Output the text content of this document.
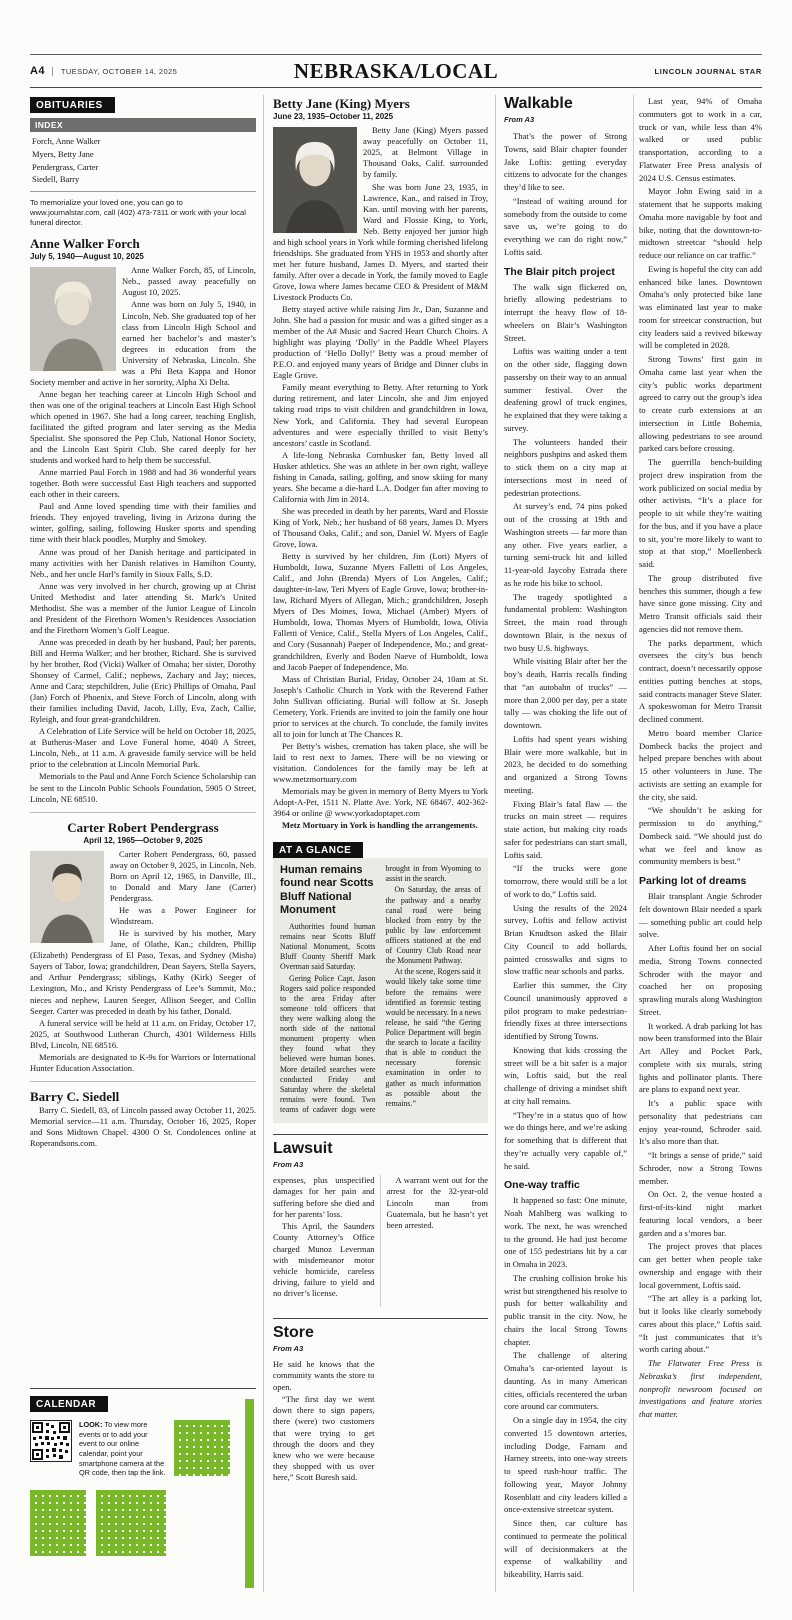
A4	TUESDAY, OCTOBER 14, 2025	NEBRASKA/LOCAL	LINCOLN JOURNAL STAR
OBITUARIES
INDEX
Forch, Anne Walker
Myers, Betty Jane
Pendergrass, Carter
Siedell, Barry

To memorialize your loved one, you can go to www.journalstar.com, call (402) 473-7311 or work with your local funeral director.

Anne Walker Forch
July 5, 1940—August 10, 2025

Anne Walker Forch, 85, of Lincoln, Neb., passed away peacefully on August 10, 2025.

Anne was born on July 5, 1940, in Lincoln, Neb. She graduated top of her class from Lincoln High School and earned her bachelor’s and master’s degrees in education from the University of Nebraska, Lincoln. She was a Phi Beta Kappa and Honor Society member and active in her sorority, Alpha Xi Delta.

Anne began her teaching career at Lincoln High School and then was one of the original teachers at Lincoln East High School which opened in 1967. She had a long career, teaching English, facilitated the gifted program and later serving as the Media Specialist. She sponsored the Pep Club, National Honor Society, and the Lincoln East Spirit Club. She cared deeply for her students and worked hard to help them be successful.

Anne married Paul Forch in 1988 and had 36 wonderful years together. Both were successful East High teachers and supported each other in their careers.

Paul and Anne loved spending time with their families and friends. They enjoyed traveling, living in Arizona during the winter, golfing, sailing, following Husker sports and spending time with their black poodles, Murphy and Smokey.

Anne was proud of her Danish heritage and participated in many activities with her Danish relatives in Hamilton County, Neb., and her uncle Harl’s family in Sioux Falls, S.D.

Anne was very involved in her church, growing up at Christ United Methodist and later attending St. Mark’s United Methodist. She was a member of the Junior League of Lincoln and President of the Firethorn Women’s Residences Association and the Firethorn Women’s Golf League.

Anne was preceded in death by her husband, Paul; her parents, Bill and Herma Walker; and her brother, Richard. She is survived by her brother, Rod (Vicki) Walker of Omaha; her sister, Dorothy Shonsey of Carmel, Calif.; nephews, Zachary and Jay; nieces, Anne and Cara; stepchildren, Julie (Eric) Phillips of Omaha, Paul (Jan) Forch of Phoenix, and Steve Forch of Lincoln, along with their families including David, Jacob, Lilly, Eva, Zach, Callie, Ryleigh, and four great-grandchildren.

A Celebration of Life Service will be held on October 18, 2025, at Butherus-Maser and Love Funeral home, 4040 A Street, Lincoln, Neb., at 11 a.m. A graveside family service will be held prior to the celebration at Lincoln Memorial Park.

Memorials to the Paul and Anne Forch Science Scholarship can be sent to the Lincoln Public Schools Foundation, 5905 O Street, Lincoln, NE 68510.

Carter Robert Pendergrass
April 12, 1965—October 9, 2025

Carter Robert Pendergrass, 60, passed away on October 9, 2025, in Lincoln, Neb. Born on April 12, 1965, in Danville, Ill., to Donald and Mary Jane (Carter) Pendergrass.

He was a Power Engineer for Windstream.

He is survived by his mother, Mary Jane, of Olathe, Kan.; children, Phillip (Elizabeth) Pendergrass of El Paso, Texas, and Sydney (Misha) Sayers of Tabor, Iowa; grandchildren, Dean Sayers, Stella Sayers, and Arthur Pendergrass; siblings, Kathy (Kirk) Seeger of Lexington, Mo., and Kristy Pendergrass of Lee’s Summit, Mo.; nieces and nephew, Lauren Seeger, Allison Seeger, and Collin Seeger. Carter was preceded in death by his father, Donald.

A funeral service will be held at 11 a.m. on Friday, October 17, 2025, at Southwood Lutheran Church, 4301 Wilderness Hills Blvd, Lincoln, NE 68516.

Memorials are designated to K-9s for Warriors or International Hunter Education Association.

Barry C. Siedell

Barry C. Siedell, 83, of Lincoln passed away October 11, 2025. Memorial service—11 a.m. Thursday, October 16, 2025, Roper and Sons Midtown Chapel. 4300 O St. Condolences online at Roperandsons.com.

CALENDAR

LOOK: To view more events or to add your event to our online calendar, point your smartphone camera at the QR code, then tap the link.

Betty Jane (King) Myers
June 23, 1935–October 11, 2025

Betty Jane (King) Myers passed away peacefully on October 11, 2025, at Belmont Village in Thousand Oaks, Calif. surrounded by family.

She was born June 23, 1935, in Lawrence, Kan., and raised in Troy, Kan. until moving with her parents, Ward and Flossie King, to York, Neb. Betty enjoyed her junior high and high school years in York while forming cherished lifelong friendships. She graduated from YHS in 1953 and shortly after met her future husband, James D. Myers, and started their family. After over a decade in York, the family moved to Eagle Grove, Iowa where James became CEO & President of M&M Livestock Products Co.

Betty stayed active while raising Jim Jr., Dan, Suzanne and John. She had a passion for music and was a gifted singer as a member of the A# Music and Sacred Heart Church Choirs. A highlight was playing ‘Dolly’ in the Paddle Wheel Players production of ‘Hello Dolly!’ Betty was a proud member of P.E.O. and enjoyed many years of Bridge and Dinner clubs in Eagle Grove.

Family meant everything to Betty. After returning to York during retirement, and later Lincoln, she and Jim enjoyed taking road trips to visit children and grandchildren in Iowa, New York, and California. They had several European adventures and were especially thrilled to visit Betty’s ancestors’ castle in Scotland.

A life-long Nebraska Cornhusker fan, Betty loved all Husker athletics. She was an athlete in her own right, walleye fishing in Canada, sailing, golfing, and snow skiing for many years. She became a die-hard L.A. Dodger fan after moving to California with Jim in 2014.

She was preceded in death by her parents, Ward and Flossie King of York, Neb.; her husband of 68 years, James D. Myers of Thousand Oaks, Calif.; and son, Daniel W. Myers of Eagle Grove, Iowa.

Betty is survived by her children, Jim (Lori) Myers of Humboldt, Iowa, Suzanne Myers Falletti of Los Angeles, Calif., and John (Brenda) Myers of Los Angeles, Calif.; daughter-in-law, Teri Myers of Eagle Grove, Iowa; brother-in-law, Richard Myers of Allegan, Mich.; grandchildren, Joseph Myers of Des Moines, Iowa, Michael (Amber) Myers of Humboldt, Iowa, Thomas Myers of Humboldt, Iowa, Olivia Falletti of Venice, Calif., Stella Myers of Los Angeles, Calif., and Cory (Susannah) Paeper of Independence, Mo.; and great-grandchildren, Everly and Boden Naeve of Humboldt, Iowa and Jacob Paeper of Independence, Mo.

Mass of Christian Burial, Friday, October 24, 10am at St. Joseph’s Catholic Church in York with the Reverend Father John Sullivan officiating. Burial will follow at St. Joseph Cemetery, York. Friends are invited to join the family one hour prior to services at the church. To conclude, the family invites all to join for lunch at The Chances R.

Per Betty’s wishes, cremation has taken place, she will be laid to rest next to James. There will be no viewing or visitation. Condolences for the family may be left at www.metzmortuary.com

Memorials may be given in memory of Betty Myers to York Adopt-A-Pet, 1511 N. Platte Ave. York, NE 68467. 402-362-3964 or online @ www.yorkadoptapet.com

Metz Mortuary in York is handling the arrangements.

AT A GLANCE
Human remains found near Scotts Bluff National Monument

Authorities found human remains near Scotts Bluff National Monument, Scotts Bluff County Sheriff Mark Overman said Saturday.

Gering Police Capt. Jason Rogers said police responded to the area Friday after someone told officers that they were walking along the north side of the national monument property when they found what they believed were human bones. More detailed searches were conducted Friday and Saturday where the skeletal remains were found. Two teams of cadaver dogs were brought in from Wyoming to assist in the search.

On Saturday, the areas of the pathway and a nearby canal road were being blocked from entry by the public by law enforcement officers stationed at the end of Country Club Road near the Monument Pathway.

At the scene, Rogers said it would likely take some time before the remains were identified as forensic testing would be necessary. In a news release, he said “the Gering Police Department will begin the search to locate a facility that is able to conduct the necessary forensic examination in order to gather as much information as possible about the remains.”

Lawsuit
From A3

expenses, plus unspecified damages for her pain and suffering before she died and for her parents’ loss.

This April, the Saunders County Attorney’s Office charged Munoz Leverman with misdemeanor motor vehicle homicide, careless driving, failure to yield and no driver’s license.

A warrant went out for the arrest for the 32-year-old Lincoln man from Guatemala, but he hasn’t yet been arrested.

Store
From A3

He said he knows that the community wants the store to open.

“The first day we went down there to sign papers, there (were) two customers that were trying to get through the doors and they knew who we were because they shopped with us over here,” Scott Buresh said.

Walkable
From A3

That’s the power of Strong Towns, said Blair chapter founder Jake Loftis: getting everyday citizens to advocate for the changes they’d like to see.

“Instead of waiting around for somebody from the outside to come save us, we’re going to do everything we can do right now,” Loftis said.

The Blair pitch project

The walk sign flickered on, briefly allowing pedestrians to interrupt the heavy flow of 18-wheelers on Blair’s Washington Street.

Loftis was waiting under a tent on the other side, flagging down passersby on their way to an annual summer festival. Over the deafening growl of truck engines, he explained that they were taking a survey.

The volunteers handed their neighbors pushpins and asked them to stick them on a city map at intersections most in need of pedestrian protections.

At survey’s end, 74 pins poked out of the crossing at 19th and Washington streets — far more than any other. Five years earlier, a turning semi-truck hit and killed 11-year-old Jaycoby Estrada there as he rode his bike to school.

The tragedy spotlighted a fundamental problem: Washington Street, the main road through downtown Blair, is the nexus of two busy U.S. highways.

While visiting Blair after her the boy’s death, Harris recalls finding that “an autobahn of trucks” — more than 2,000 per day, per a state tally — was choking the life out of downtown.

Loftis had spent years wishing Blair were more walkable, but in 2023, he decided to do something and organized a Strong Towns meeting.

Fixing Blair’s fatal flaw — the trucks on main street — requires state action, but making city roads safer for pedestrians can start small, Loftis said.

“If the trucks were gone tomorrow, there would still be a lot of work to do,” Loftis said.

Using the results of the 2024 survey, Loftis and fellow activist Brian Knudtson asked the Blair City Council to add bollards, painted crosswalks and signs to slow traffic near schools and parks.

Earlier this summer, the City Council unanimously approved a pilot program to make pedestrian-friendly fixes at three intersections identified by Strong Towns.

Knowing that kids crossing the street will be a bit safer is a major win, Loftis said, but the real challenge of driving a mindset shift at city hall remains.

“They’re in a status quo of how we do things here, and we’re asking for something that is different that they’re actually very capable of,” he said.

One-way traffic

It happened so fast: One minute, Noah Mahlberg was walking to work. The next, he was wrenched to the ground. He had just become one of 155 pedestrians hit by a car in Omaha in 2023.

The crushing collision broke his wrist but strengthened his resolve to push for better walkability and public transit in the city. Now, he chairs the local Strong Towns chapter.

The challenge of altering Omaha’s car-oriented layout is daunting. As in many American cities, officials recentered the urban core around car commuters.

On a single day in 1954, the city converted 15 downtown arteries, including Dodge, Farnam and Harney streets, into one-way streets to speed rush-hour traffic. The following year, Mayor Johnny Rosenblatt and city leaders killed a once-extensive streetcar system.

Since then, car culture has continued to permeate the political will of decisionmakers at the expense of walkability and bikeability, Harris said.

Last year, 94% of Omaha commuters got to work in a car, truck or van, while less than 4% walked or used public transportation, according to a Flatwater Free Press analysis of 2024 U.S. Census estimates.

Mayor John Ewing said in a statement that he supports making Omaha more navigable by foot and bike, noting that the downtown-to-midtown streetcar “should help reduce our reliance on car traffic.”

Ewing is hopeful the city can add enhanced bike lanes. Downtown Omaha’s only protected bike lane was eliminated last year to make room for streetcar construction, but city leaders said a revived bikeway will be completed in 2028.

Strong Towns’ first gain in Omaha came last year when the city’s public works department agreed to carry out the group’s idea to create curb extensions at an intersection in Little Bohemia, allowing pedestrians to see around parked cars before crossing.

The guerrilla bench-building project drew inspiration from the work publicized on social media by other activists. “It’s a place for people to sit while they’re waiting for the bus, and if you have a place to sit, you’re more likely to want to stop at that stop,” Moellenbeck said.

The group distributed five benches this summer, though a few have since gone missing. City and Metro Transit officials said their agencies did not remove them.

The parks department, which oversees the city’s bus bench contract, doesn’t necessarily oppose entities putting benches at stops, said contracts manager Steve Slater. A spokeswoman for Metro Transit declined comment.

Metro board member Clarice Dombeck backs the project and helped prepare benches with about 15 other volunteers in June. The activists are setting an example for the city, she said.

“We shouldn’t be asking for permission to do anything,” Dombeck said. “We should just do what we feel and know as community members is best.”

Parking lot of dreams

Blair transplant Angie Schroder felt downtown Blair needed a spark — something public art could help solve.

After Loftis found her on social media, Strong Towns connected Schroder with the mayor and coached her on proposing sprawling murals along Washington Street.

It worked. A drab parking lot has now been transformed into the Blair Art Alley and Pocket Park, complete with six murals, string lights and pollinator plants. There are plans to expand next year.

It’s a public space with personality that pedestrians can enjoy year-round, Schroder said. It’s also more than that.

“It brings a sense of pride,” said Schroder, now a Strong Towns member.

On Oct. 2, the venue hosted a first-of-its-kind night market featuring local vendors, a beer garden and a s’mores bar.

The project proves that places can get better when people take ownership and engage with their local government, Loftis said.

“The art alley is a parking lot, but it looks like clearly somebody cares about this place,” Loftis said. “It just communicates that it’s worth caring about.”

The Flatwater Free Press is Nebraska’s first independent, nonprofit newsroom focused on investigations and feature stories that matter.
